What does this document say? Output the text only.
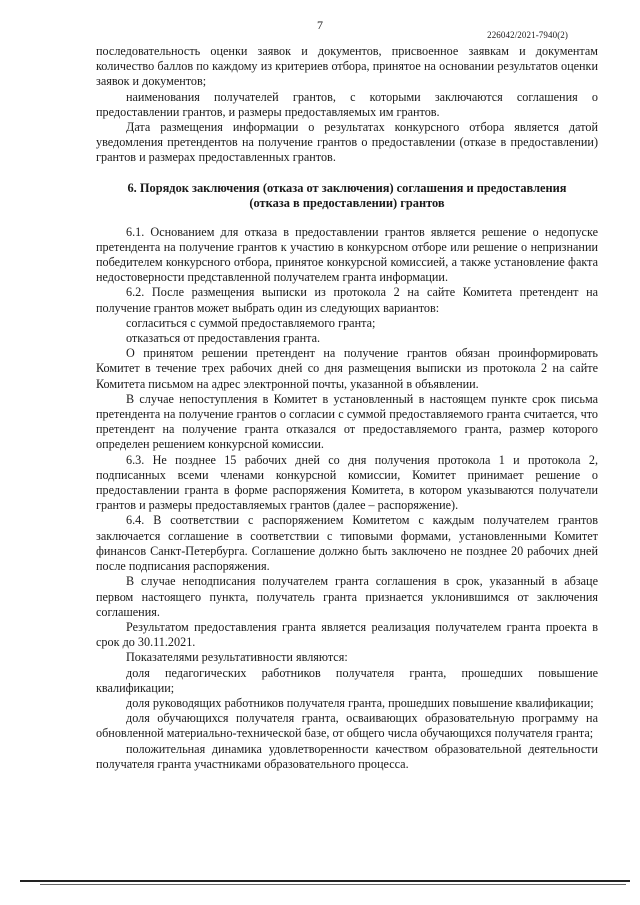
7
226042/2021-7940(2)

последовательность оценки заявок и документов, присвоенное заявкам и документам количество баллов по каждому из критериев отбора, принятое на основании результатов оценки заявок и документов;

наименования получателей грантов, с которыми заключаются соглашения о предоставлении грантов, и размеры предоставляемых им грантов.

Дата размещения информации о результатах конкурсного отбора является датой уведомления претендентов на получение грантов о предоставлении (отказе в предоставлении) грантов и размерах предоставленных грантов.

6. Порядок заключения (отказа от заключения) соглашения и предоставления
(отказа в предоставлении) грантов

6.1. Основанием для отказа в предоставлении грантов является решение о недопуске претендента на получение грантов к участию в конкурсном отборе или решение о непризнании победителем конкурсного отбора, принятое конкурсной комиссией, а также установление факта недостоверности представленной получателем гранта информации.

6.2. После размещения выписки из протокола 2 на сайте Комитета претендент на получение грантов может выбрать один из следующих вариантов:

согласиться с суммой предоставляемого гранта;

отказаться от предоставления гранта.

О принятом решении претендент на получение грантов обязан проинформировать Комитет в течение трех рабочих дней со дня размещения выписки из протокола 2 на сайте Комитета письмом на адрес электронной почты, указанной в объявлении.

В случае непоступления в Комитет в установленный в настоящем пункте срок письма претендента на получение грантов о согласии с суммой предоставляемого гранта считается, что претендент на получение гранта отказался от предоставляемого гранта, размер которого определен решением конкурсной комиссии.

6.3. Не позднее 15 рабочих дней со дня получения протокола 1 и протокола 2, подписанных всеми членами конкурсной комиссии, Комитет принимает решение о предоставлении гранта в форме распоряжения Комитета, в котором указываются получатели грантов и размеры предоставляемых грантов (далее – распоряжение).

6.4. В соответствии с распоряжением Комитетом с каждым получателем грантов заключается соглашение в соответствии с типовыми формами, установленными Комитет финансов Санкт-Петербурга. Соглашение должно быть заключено не позднее 20 рабочих дней после подписания распоряжения.

В случае неподписания получателем гранта соглашения в срок, указанный в абзаце первом настоящего пункта, получатель гранта признается уклонившимся от заключения соглашения.

Результатом предоставления гранта является реализация получателем гранта проекта в срок до 30.11.2021.

Показателями результативности являются:

доля педагогических работников получателя гранта, прошедших повышение квалификации;

доля руководящих работников получателя гранта, прошедших повышение квалификации;

доля обучающихся получателя гранта, осваивающих образовательную программу на обновленной материально-технической базе, от общего числа обучающихся получателя гранта;

положительная динамика удовлетворенности качеством образовательной деятельности получателя гранта участниками образовательного процесса.
